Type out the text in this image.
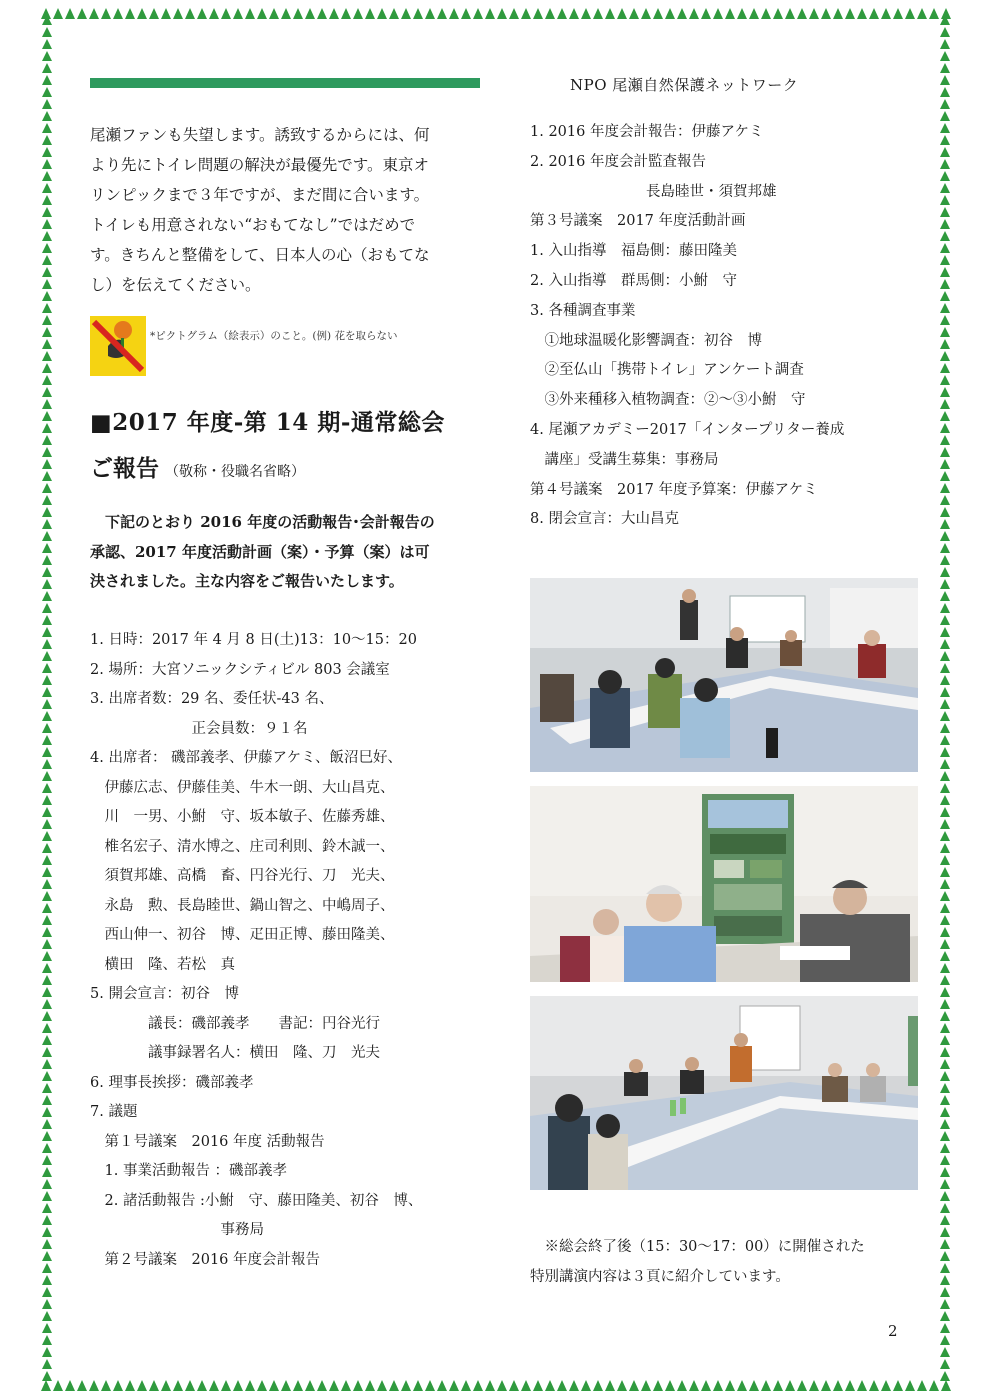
NPO 尾瀬自然保護ネットワーク

尾瀬ファンも失望します。誘致するからには、何

より先にトイレ問題の解決が最優先です。東京オ

リンピックまで３年ですが、まだ間に合います。

トイレも用意されない“おもてなし”ではだめで

す。きちんと整備をして、日本人の心（おもてな

し）を伝えてください。

*ピクトグラム（絵表示）のこと。(例) 花を取らない
■2017 年度-第 14 期-通常総会
ご報告 （敬称・役職名省略）

　下記のとおり 2016 年度の活動報告･会計報告の

承認、2017 年度活動計画（案）・予算（案）は可

決されました。主な内容をご報告いたします。

1. 日時：2017 年 4 月 8 日(土)13：10〜15：20
2. 場所：大宮ソニックシティビル 803 会議室
3. 出席者数：29 名、委任状-43 名、
　　　　　　　正会員数：９１名
4. 出席者： 磯部義孝、伊藤アケミ、飯沼巳好、
　伊藤広志、伊藤佳美、牛木一朗、大山昌克、
　川　一男、小鮒　守、坂本敏子、佐藤秀雄、
　椎名宏子、清水博之、庄司利則、鈴木誠一、
　須賀邦雄、高橋　畜、円谷光行、刀　光夫、
　永島　勲、長島睦世、鍋山智之、中嶋周子、
　西山伸一、初谷　博、疋田正博、藤田隆美、
　横田　隆、若松　真
5. 開会宣言：初谷　博
　　　　議長：磯部義孝　　書記：円谷光行
　　　　議事録署名人：横田　隆、刀　光夫
6. 理事長挨拶：磯部義孝
7. 議題
　第１号議案　2016 年度 活動報告
　1. 事業活動報告 ：磯部義孝
　2. 諸活動報告 :小鮒　守、藤田隆美、初谷　博、
　　　　　　　　　事務局
　第２号議案　2016 年度会計報告
1. 2016 年度会計報告：伊藤アケミ
2. 2016 年度会計監査報告
　　　　　　　　長島睦世・須賀邦雄
第３号議案　2017 年度活動計画
1. 入山指導　福島側：藤田隆美
2. 入山指導　群馬側：小鮒　守
3. 各種調査事業
　①地球温暖化影響調査：初谷　博
　②至仏山「携帯トイレ」アンケート調査
　③外来種移入植物調査：②〜③小鮒　守
4. 尾瀬アカデミー2017「インタープリター養成
　講座」受講生募集：事務局
第４号議案　2017 年度予算案：伊藤アケミ
8. 閉会宣言：大山昌克
　※総会終了後（15：30〜17：00）に開催された
特別講演内容は３頁に紹介しています。
2
